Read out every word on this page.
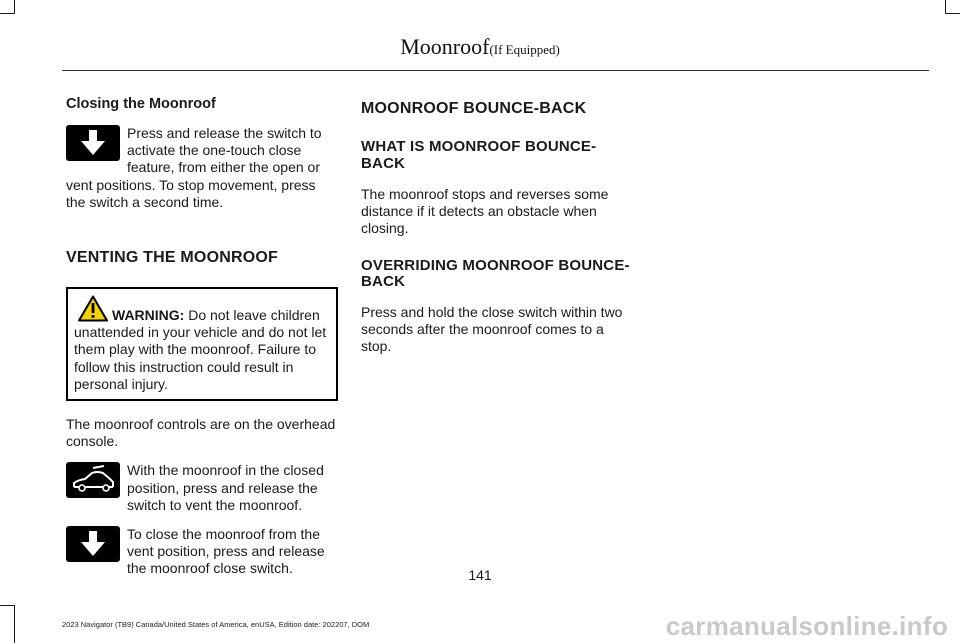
Moonroof(If Equipped)
Closing the Moonroof

Press and release the switch to activate the one-touch close feature, from either the open or vent positions. To stop movement, press the switch a second time.

VENTING THE MOONROOF

WARNING: Do not leave children unattended in your vehicle and do not let them play with the moonroof. Failure to follow this instruction could result in personal injury.

The moonroof controls are on the overhead console.

With the moonroof in the closed position, press and release the switch to vent the moonroof.

To close the moonroof from the vent position, press and release the moonroof close switch.

MOONROOF BOUNCE-BACK
WHAT IS MOONROOF BOUNCE-BACK

The moonroof stops and reverses some distance if it detects an obstacle when closing.

OVERRIDING MOONROOF BOUNCE-BACK

Press and hold the close switch within two seconds after the moonroof comes to a stop.

141
2023 Navigator (TB9) Canada/United States of America, enUSA, Edition date: 202207, DOM	carmanualsonline.info
